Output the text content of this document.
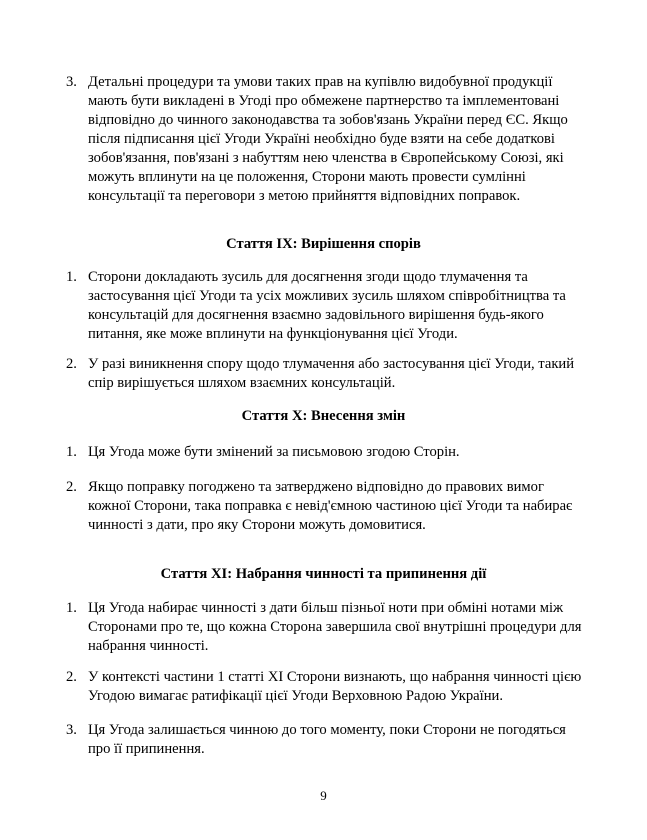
3. Детальні процедури та умови таких прав на купівлю видобувної продукції мають бути викладені в Угоді про обмежене партнерство та імплементовані відповідно до чинного законодавства та зобов'язань України перед ЄС. Якщо після підписання цієї Угоди Україні необхідно буде взяти на себе додаткові зобов'язання, пов'язані з набуттям нею членства в Європейському Союзі, які можуть вплинути на це положення, Сторони мають провести сумлінні консультації та переговори з метою прийняття відповідних поправок.
Стаття IX: Вирішення спорів
1. Сторони докладають зусиль для досягнення згоди щодо тлумачення та застосування цієї Угоди та усіх можливих зусиль шляхом співробітництва та консультацій для досягнення взаємно задовільного вирішення будь-якого питання, яке може вплинути на функціонування цієї Угоди.
2. У разі виникнення спору щодо тлумачення або застосування цієї Угоди, такий спір вирішується шляхом взаємних консультацій.
Стаття X: Внесення змін
1. Ця Угода може бути змінений за письмовою згодою Сторін.
2. Якщо поправку погоджено та затверджено відповідно до правових вимог кожної Сторони, така поправка є невід'ємною частиною цієї Угоди та набирає чинності з дати, про яку Сторони можуть домовитися.
Стаття XI: Набрання чинності та припинення дії
1. Ця Угода набирає чинності з дати більш пізньої ноти при обміні нотами між Сторонами про те, що кожна Сторона завершила свої внутрішні процедури для набрання чинності.
2. У контексті частини 1 статті XI Сторони визнають, що набрання чинності цією Угодою вимагає ратифікації цієї Угоди Верховною Радою України.
3. Ця Угода залишається чинною до того моменту, поки Сторони не погодяться про її припинення.
9
